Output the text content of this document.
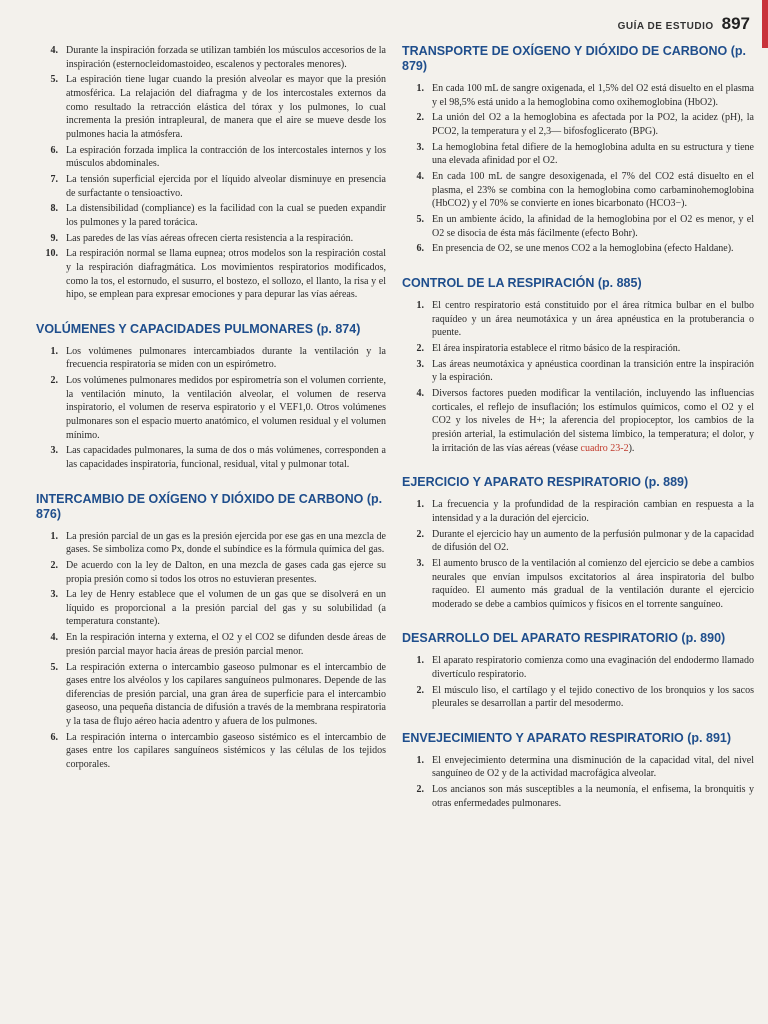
GUÍA DE ESTUDIO 897
4. Durante la inspiración forzada se utilizan también los músculos accesorios de la inspiración (esternocleidomastoideo, escalenos y pectorales menores).
5. La espiración tiene lugar cuando la presión alveolar es mayor que la presión atmosférica. La relajación del diafragma y de los intercostales externos da como resultado la retracción elástica del tórax y los pulmones, lo cual incrementa la presión intrapleural, de manera que el aire se mueve desde los pulmones hacia la atmósfera.
6. La espiración forzada implica la contracción de los intercostales internos y los músculos abdominales.
7. La tensión superficial ejercida por el líquido alveolar disminuye en presencia de surfactante o tensioactivo.
8. La distensibilidad (compliance) es la facilidad con la cual se pueden expandir los pulmones y la pared torácica.
9. Las paredes de las vías aéreas ofrecen cierta resistencia a la respiración.
10. La respiración normal se llama eupnea; otros modelos son la respiración costal y la respiración diafragmática. Los movimientos respiratorios modificados, como la tos, el estornudo, el susurro, el bostezo, el sollozo, el llanto, la risa y el hipo, se emplean para expresar emociones y para depurar las vías aéreas.
VOLÚMENES Y CAPACIDADES PULMONARES (p. 874)
1. Los volúmenes pulmonares intercambiados durante la ventilación y la frecuencia respiratoria se miden con un espirómetro.
2. Los volúmenes pulmonares medidos por espirometría son el volumen corriente, la ventilación minuto, la ventilación alveolar, el volumen de reserva inspiratorio, el volumen de reserva espiratorio y el VEF1,0. Otros volúmenes pulmonares son el espacio muerto anatómico, el volumen residual y el volumen mínimo.
3. Las capacidades pulmonares, la suma de dos o más volúmenes, corresponden a las capacidades inspiratoria, funcional, residual, vital y pulmonar total.
INTERCAMBIO DE OXÍGENO Y DIÓXIDO DE CARBONO (p. 876)
1. La presión parcial de un gas es la presión ejercida por ese gas en una mezcla de gases. Se simboliza como Px, donde el subíndice es la fórmula química del gas.
2. De acuerdo con la ley de Dalton, en una mezcla de gases cada gas ejerce su propia presión como si todos los otros no estuvieran presentes.
3. La ley de Henry establece que el volumen de un gas que se disolverá en un líquido es proporcional a la presión parcial del gas y su solubilidad (a temperatura constante).
4. En la respiración interna y externa, el O2 y el CO2 se difunden desde áreas de presión parcial mayor hacia áreas de presión parcial menor.
5. La respiración externa o intercambio gaseoso pulmonar es el intercambio de gases entre los alvéolos y los capilares sanguíneos pulmonares. Depende de las diferencias de presión parcial, una gran área de superficie para el intercambio gaseoso, una pequeña distancia de difusión a través de la membrana respiratoria y la tasa de flujo aéreo hacia adentro y afuera de los pulmones.
6. La respiración interna o intercambio gaseoso sistémico es el intercambio de gases entre los capilares sanguíneos sistémicos y las células de los tejidos corporales.
TRANSPORTE DE OXÍGENO Y DIÓXIDO DE CARBONO (p. 879)
1. En cada 100 mL de sangre oxigenada, el 1,5% del O2 está disuelto en el plasma y el 98,5% está unido a la hemoglobina como oxihemoglobina (HbO2).
2. La unión del O2 a la hemoglobina es afectada por la PO2, la acidez (pH), la PCO2, la temperatura y el 2,3— bifosfoglicerato (BPG).
3. La hemoglobina fetal difiere de la hemoglobina adulta en su estructura y tiene una elevada afinidad por el O2.
4. En cada 100 mL de sangre desoxigenada, el 7% del CO2 está disuelto en el plasma, el 23% se combina con la hemoglobina como carbaminohemoglobina (HbCO2) y el 70% se convierte en iones bicarbonato (HCO3−).
5. En un ambiente ácido, la afinidad de la hemoglobina por el O2 es menor, y el O2 se disocia de ésta más fácilmente (efecto Bohr).
6. En presencia de O2, se une menos CO2 a la hemoglobina (efecto Haldane).
CONTROL DE LA RESPIRACIÓN (p. 885)
1. El centro respiratorio está constituido por el área rítmica bulbar en el bulbo raquídeo y un área neumotáxica y un área apnéustica en la protuberancia o puente.
2. El área inspiratoria establece el ritmo básico de la respiración.
3. Las áreas neumotáxica y apnéustica coordinan la transición entre la inspiración y la espiración.
4. Diversos factores pueden modificar la ventilación, incluyendo las influencias corticales, el reflejo de insuflación; los estímulos químicos, como el O2 y el CO2 y los niveles de H+; la aferencia del propioceptor, los cambios de la presión arterial, la estimulación del sistema límbico, la temperatura; el dolor, y la irritación de las vías aéreas (véase cuadro 23-2).
EJERCICIO Y APARATO RESPIRATORIO (p. 889)
1. La frecuencia y la profundidad de la respiración cambian en respuesta a la intensidad y a la duración del ejercicio.
2. Durante el ejercicio hay un aumento de la perfusión pulmonar y de la capacidad de difusión del O2.
3. El aumento brusco de la ventilación al comienzo del ejercicio se debe a cambios neurales que envían impulsos excitatorios al área inspiratoria del bulbo raquídeo. El aumento más gradual de la ventilación durante el ejercicio moderado se debe a cambios químicos y físicos en el torrente sanguíneo.
DESARROLLO DEL APARATO RESPIRATORIO (p. 890)
1. El aparato respiratorio comienza como una evaginación del endodermo llamado divertículo respiratorio.
2. El músculo liso, el cartílago y el tejido conectivo de los bronquios y los sacos pleurales se desarrollan a partir del mesodermo.
ENVEJECIMIENTO Y APARATO RESPIRATORIO (p. 891)
1. El envejecimiento determina una disminución de la capacidad vital, del nivel sanguíneo de O2 y de la actividad macrofágica alveolar.
2. Los ancianos son más susceptibles a la neumonía, el enfisema, la bronquitis y otras enfermedades pulmonares.
